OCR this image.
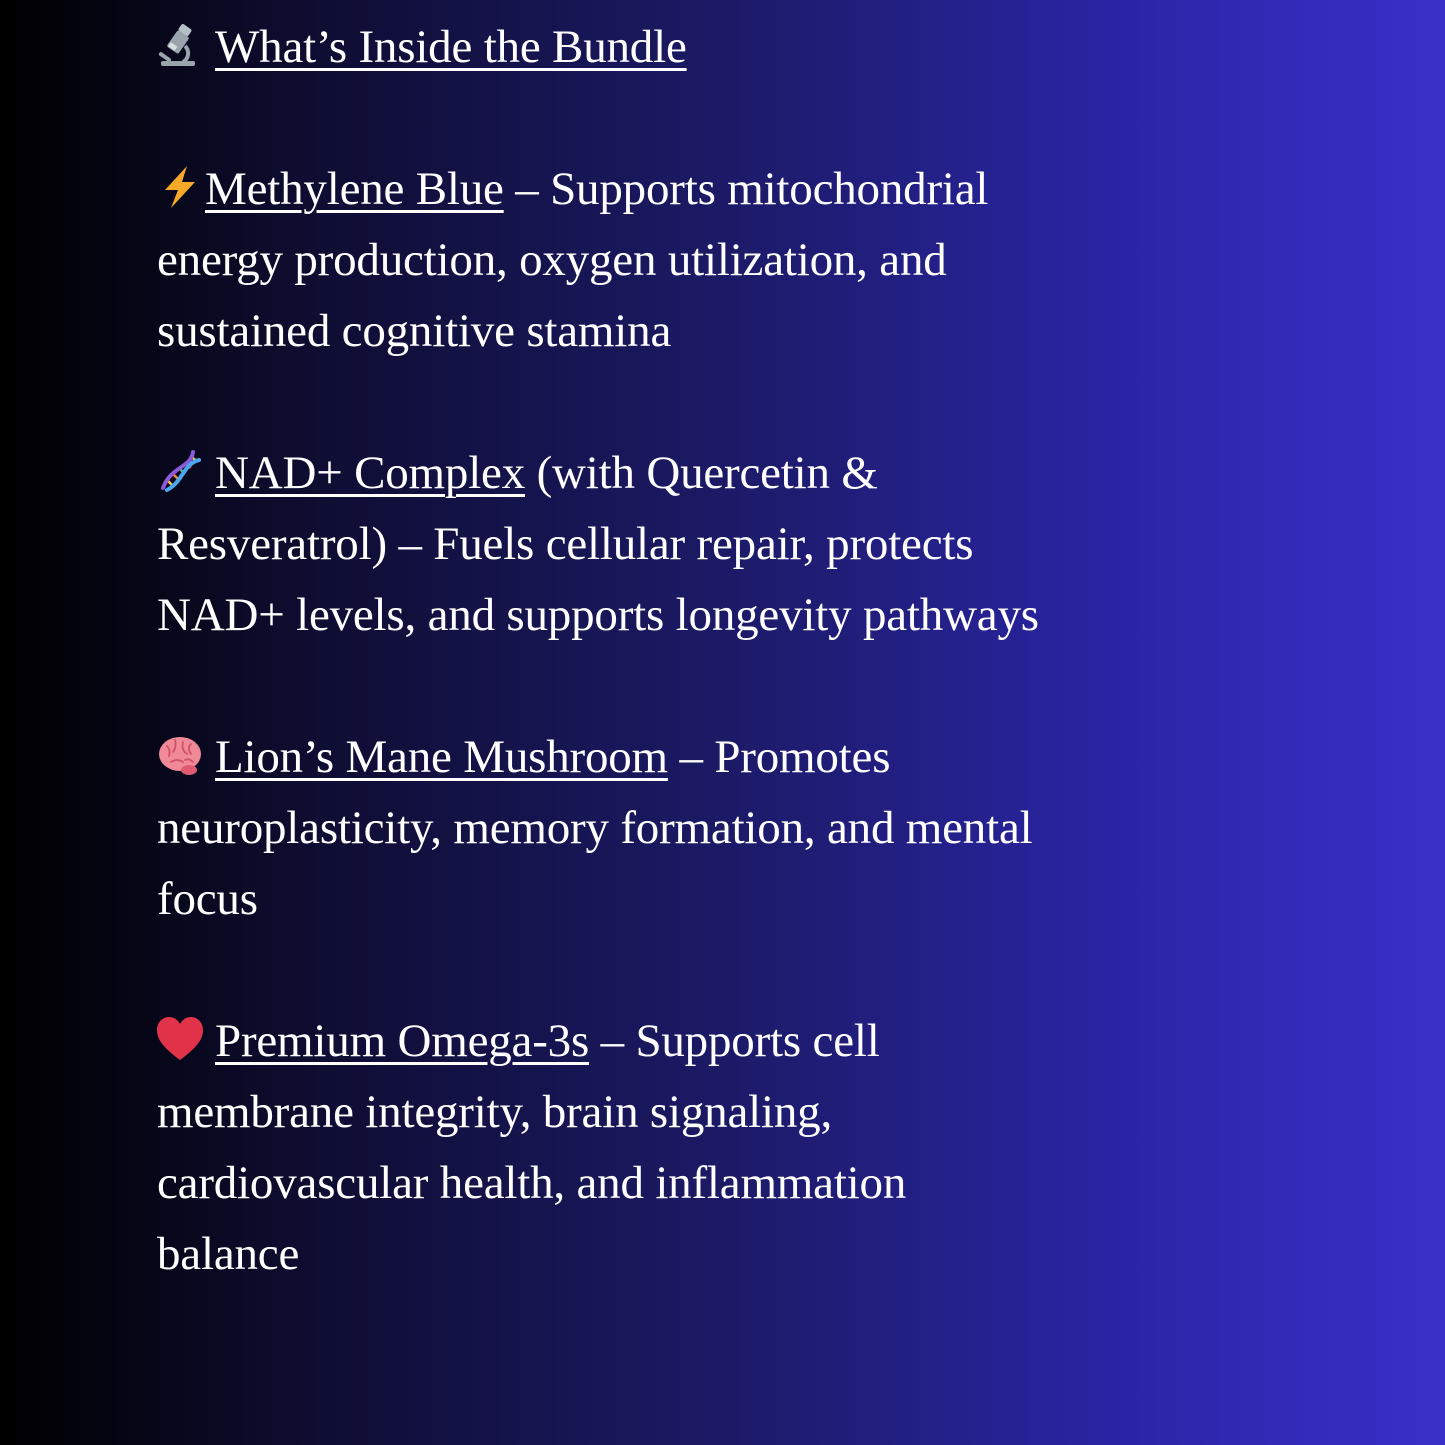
What’s Inside the Bundle
Methylene Blue – Supports mitochondrial
energy production, oxygen utilization, and
sustained cognitive stamina
NAD+ Complex (with Quercetin &
Resveratrol) – Fuels cellular repair, protects
NAD+ levels, and supports longevity pathways
Lion’s Mane Mushroom – Promotes
neuroplasticity, memory formation, and mental
focus
Premium Omega-3s – Supports cell
membrane integrity, brain signaling,
cardiovascular health, and inflammation
balance
